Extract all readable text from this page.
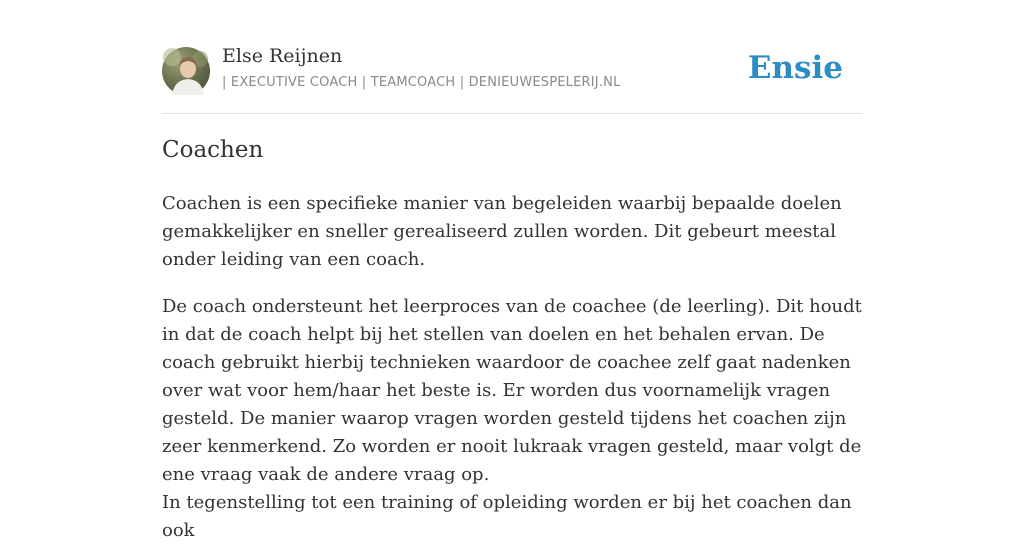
Else Reijnen
| EXECUTIVE COACH | TEAMCOACH | DENIEUWESPELERIJ.NL	Ensie
Coachen

Coachen is een specifieke manier van begeleiden waarbij bepaalde doelen gemakkelijker en sneller gerealiseerd zullen worden. Dit gebeurt meestal onder leiding van een coach.

De coach ondersteunt het leerproces van de coachee (de leerling). Dit houdt in dat de coach helpt bij het stellen van doelen en het behalen ervan. De coach gebruikt hierbij technieken waardoor de coachee zelf gaat nadenken over wat voor hem/haar het beste is. Er worden dus voornamelijk vragen gesteld. De manier waarop vragen worden gesteld tijdens het coachen zijn zeer kenmerkend. Zo worden er nooit lukraak vragen gesteld, maar volgt de ene vraag vaak de andere vraag op.

In tegenstelling tot een training of opleiding worden er bij het coachen dan ook
